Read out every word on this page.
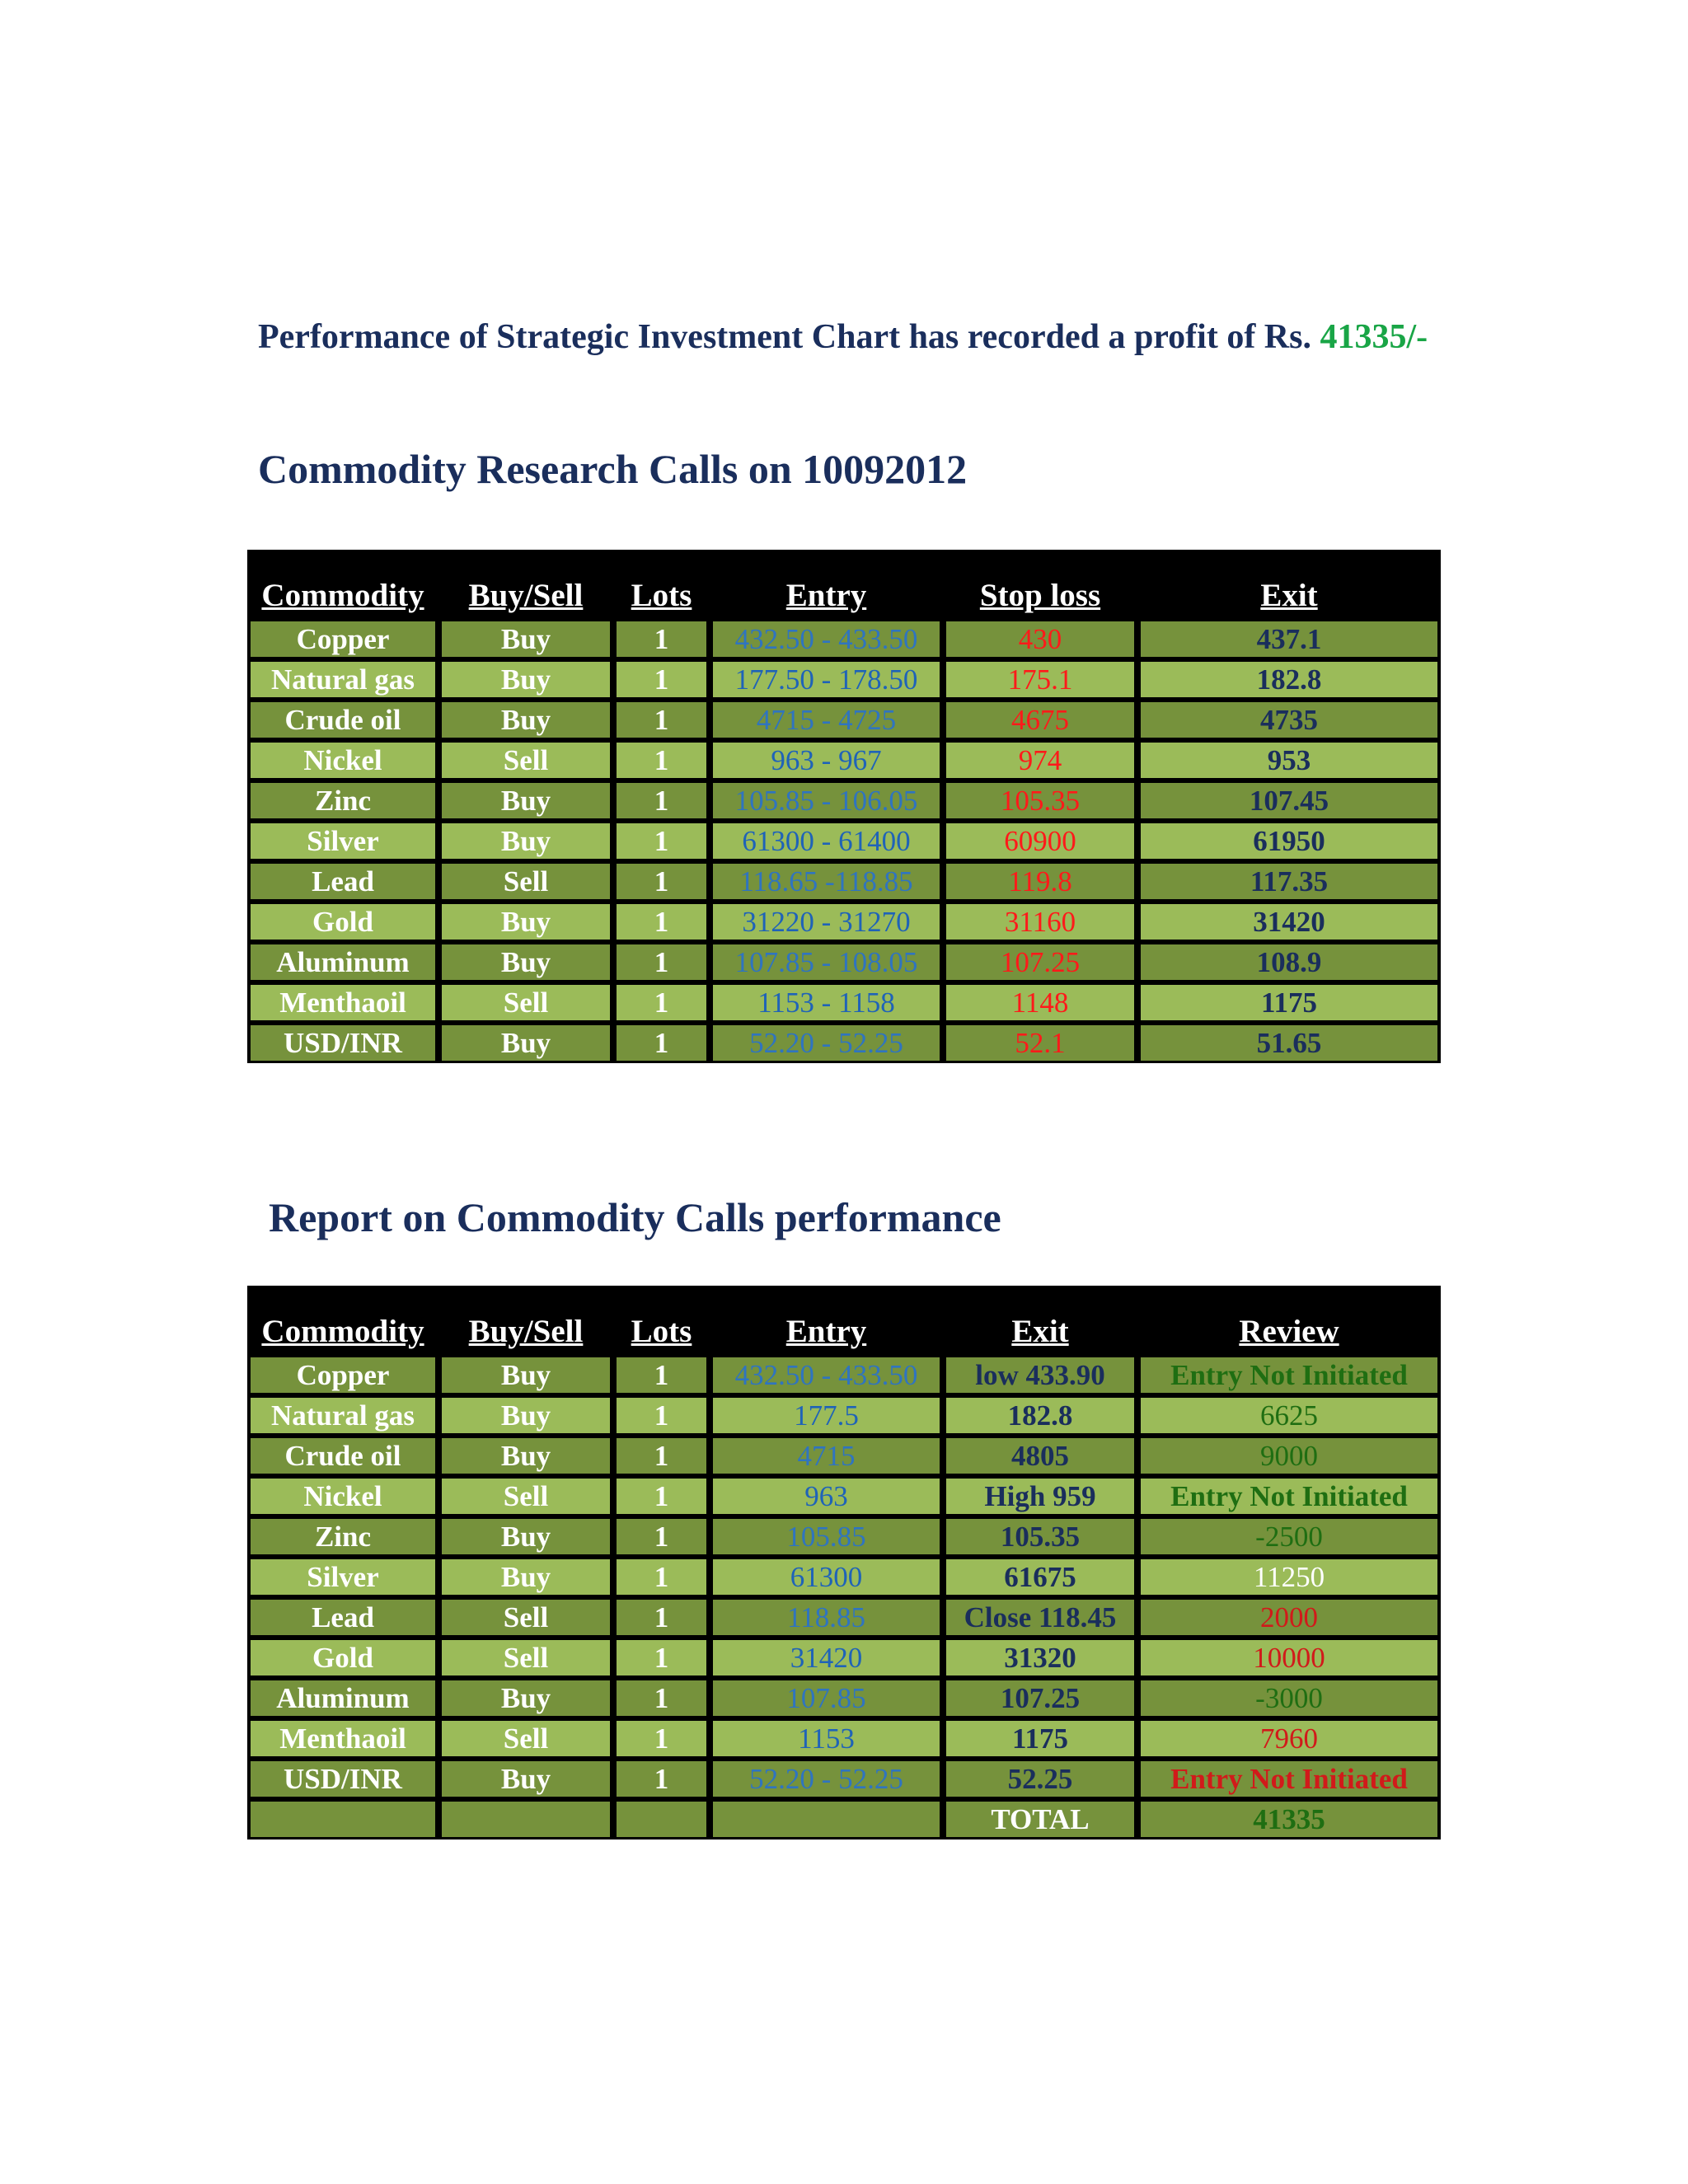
Performance of Strategic Investment Chart has recorded a profit of Rs. 41335/-
Commodity Research Calls on 10092012
Commodity	Buy/Sell	Lots	Entry	Stop loss	Exit
Copper	Buy	1	432.50 - 433.50	430	437.1
Natural gas	Buy	1	177.50 - 178.50	175.1	182.8
Crude oil	Buy	1	4715 - 4725	4675	4735
Nickel	Sell	1	963 - 967	974	953
Zinc	Buy	1	105.85 - 106.05	105.35	107.45
Silver	Buy	1	61300 - 61400	60900	61950
Lead	Sell	1	118.65 -118.85	119.8	117.35
Gold	Buy	1	31220 - 31270	31160	31420
Aluminum	Buy	1	107.85 - 108.05	107.25	108.9
Menthaoil	Sell	1	1153 - 1158	1148	1175
USD/INR	Buy	1	52.20 - 52.25	52.1	51.65
Report on Commodity Calls performance
Commodity	Buy/Sell	Lots	Entry	Exit	Review
Copper	Buy	1	432.50 - 433.50	low 433.90	Entry Not Initiated
Natural gas	Buy	1	177.5	182.8	6625
Crude oil	Buy	1	4715	4805	9000
Nickel	Sell	1	963	High 959	Entry Not Initiated
Zinc	Buy	1	105.85	105.35	-2500
Silver	Buy	1	61300	61675	11250
Lead	Sell	1	118.85	Close 118.45	2000
Gold	Sell	1	31420	31320	10000
Aluminum	Buy	1	107.85	107.25	-3000
Menthaoil	Sell	1	1153	1175	7960
USD/INR	Buy	1	52.20 - 52.25	52.25	Entry Not Initiated
				TOTAL	41335
